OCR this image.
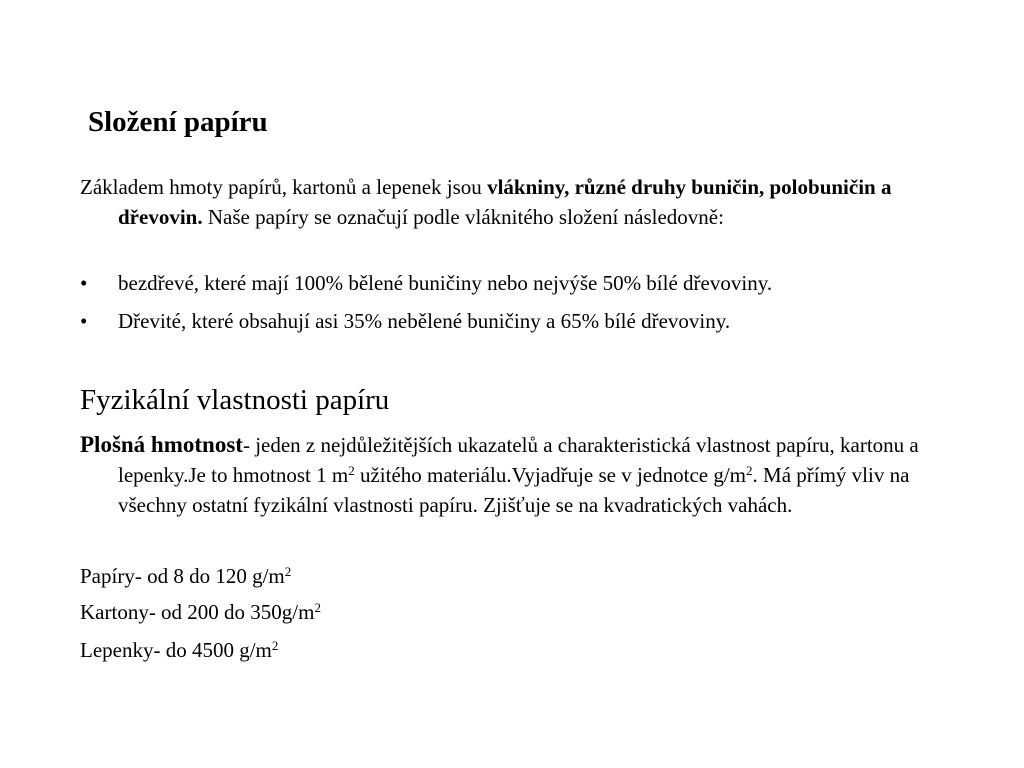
Složení papíru
Základem hmoty papírů, kartonů a lepenek jsou vlákniny, různé druhy buničin, polobuničin a dřevovin. Naše papíry se označují podle vláknitého složení následovně:
•	bezdřevé, které mají 100% bělené buničiny nebo nejvýše 50% bílé dřevoviny.
•	Dřevité, které obsahují asi 35% nebělené buničiny a 65% bílé dřevoviny.
Fyzikální vlastnosti papíru
Plošná hmotnost- jeden z nejdůležitějších ukazatelů a charakteristická vlastnost papíru, kartonu a lepenky.Je to hmotnost 1 $m^2$ užitého materiálu.Vyjadřuje se v jednotce $g/m^2$. Má přímý vliv na všechny ostatní fyzikální vlastnosti papíru. Zjišťuje se na kvadratických vahách.
Papíry- od 8 do 120 $g/m^2$
Kartony- od 200 do $350g/m^2$
Lepenky- do 4500 $g/m^2$
